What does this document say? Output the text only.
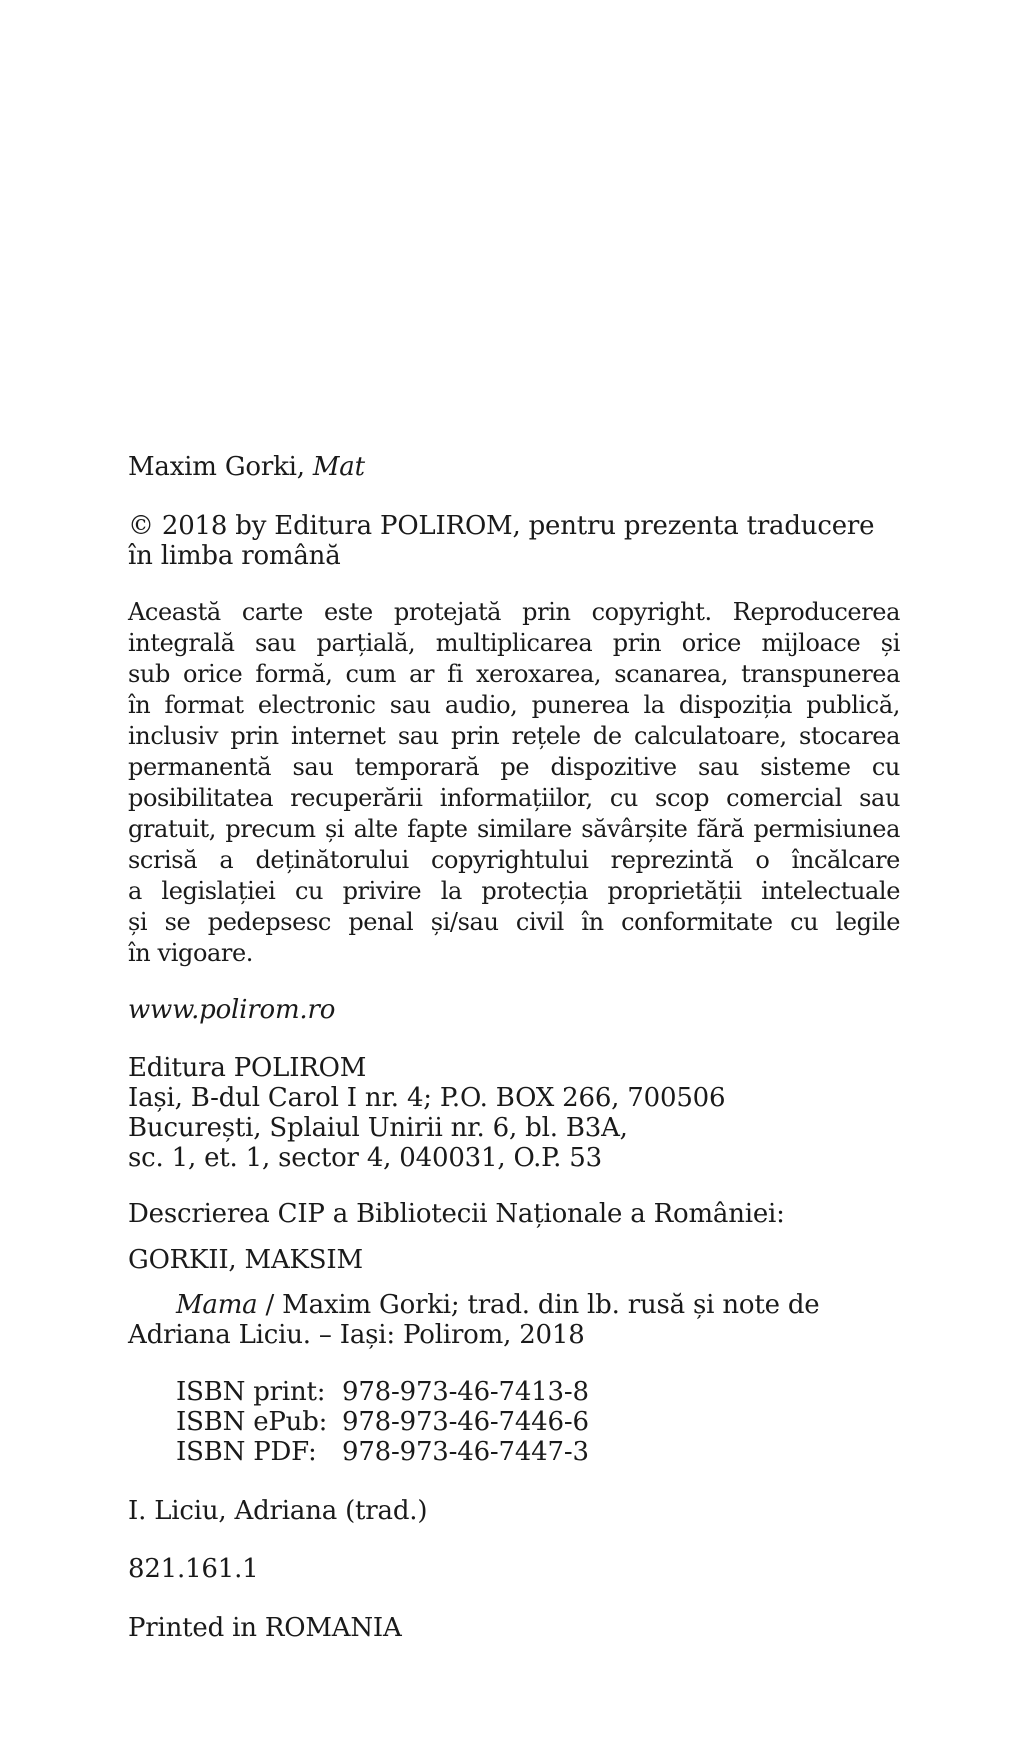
Maxim Gorki, Mat
© 2018 by Editura POLIROM, pentru prezenta traducere
în limba română
Această carte este protejată prin copyright. Reproducerea
integrală sau parțială, multiplicarea prin orice mijloace și
sub orice formă, cum ar fi xeroxarea, scanarea, transpunerea
în format electronic sau audio, punerea la dispoziția publică,
inclusiv prin internet sau prin rețele de calculatoare, stocarea
permanentă sau temporară pe dispozitive sau sisteme cu
posibilitatea recuperării informațiilor, cu scop comercial sau
gratuit, precum și alte fapte similare săvârșite fără permisiunea
scrisă a deținătorului copyrightului reprezintă o încălcare
a legislației cu privire la protecția proprietății intelectuale
și se pedepsesc penal și/sau civil în conformitate cu legile
în vigoare.
www.polirom.ro
Editura POLIROM
Iași, B-dul Carol I nr. 4; P.O. BOX 266, 700506
București, Splaiul Unirii nr. 6, bl. B3A,
sc. 1, et. 1, sector 4, 040031, O.P. 53
Descrierea CIP a Bibliotecii Naționale a României:
GORKII, MAKSIM
Mama / Maxim Gorki; trad. din lb. rusă și note de
Adriana Liciu. – Iași: Polirom, 2018
ISBN print: 978-973-46-7413-8
ISBN ePub: 978-973-46-7446-6
ISBN PDF: 978-973-46-7447-3
I. Liciu, Adriana (trad.)
821.161.1
Printed in ROMANIA
